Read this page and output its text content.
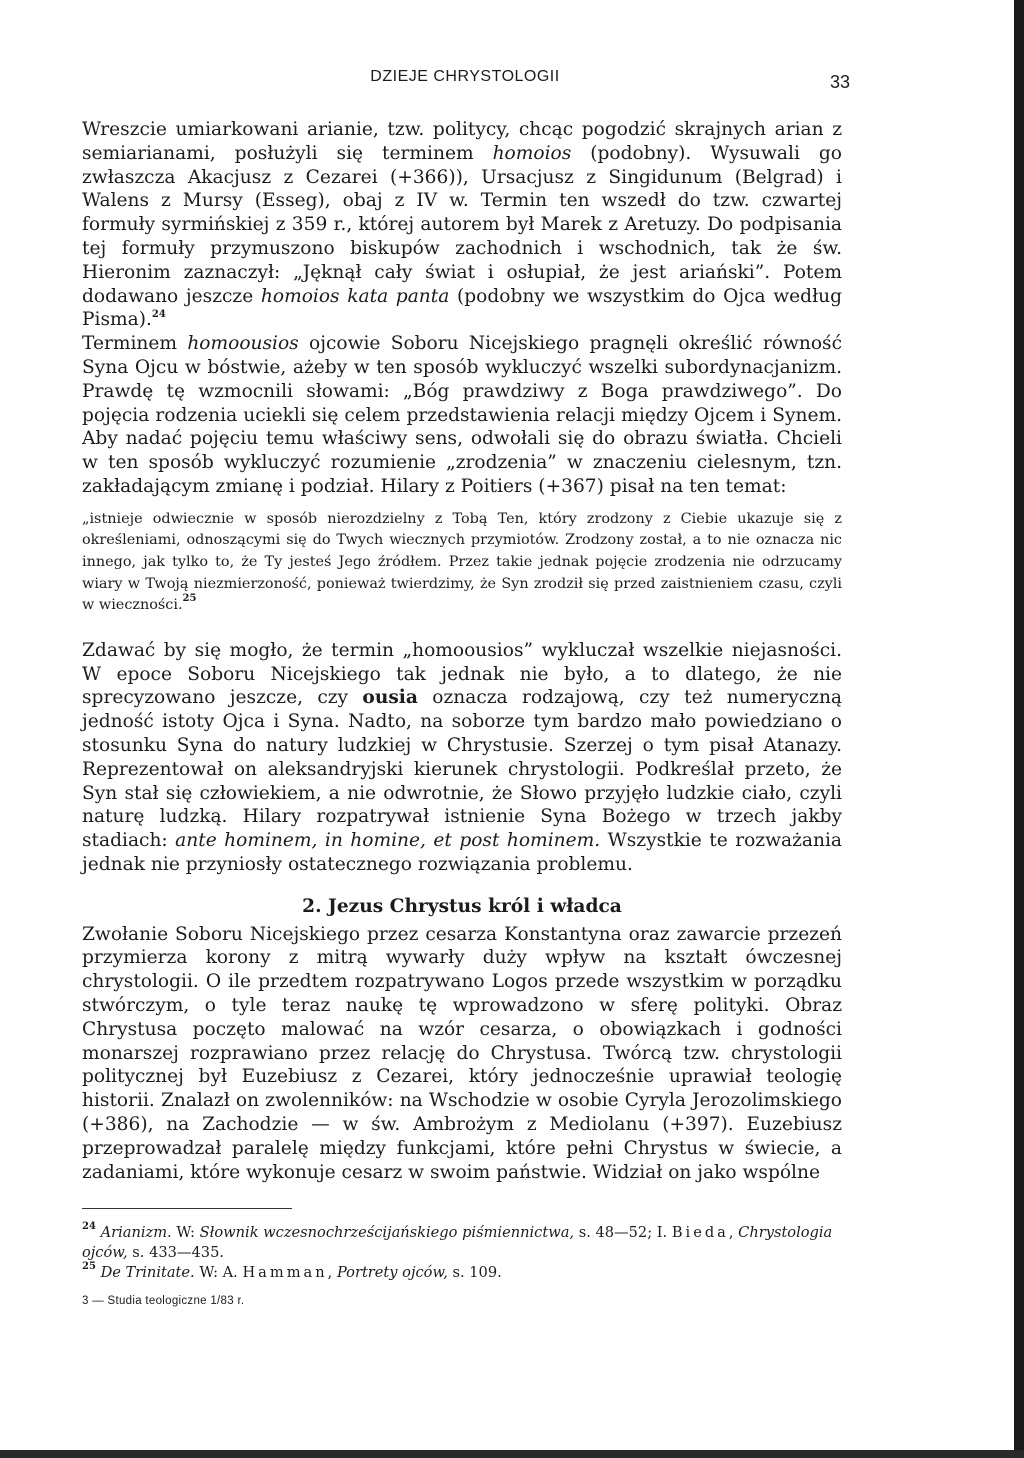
DZIEJE CHRYSTOLOGII	33

Wreszcie umiarkowani arianie, tzw. politycy, chcąc pogodzić skrajnych arian z semiarianami, posłużyli się terminem homoios (podobny). Wysuwali go zwłaszcza Akacjusz z Cezarei (+366)), Ursacjusz z Singidunum (Belgrad) i Walens z Mursy (Esseg), obaj z IV w. Termin ten wszedł do tzw. czwartej formuły syrmińskiej z 359 r., której autorem był Marek z Aretuzy. Do podpisania tej formuły przymuszono biskupów zachodnich i wschodnich, tak że św. Hieronim zaznaczył: „Jęknął cały świat i osłupiał, że jest ariański”. Potem dodawano jeszcze homoios kata panta (podobny we wszystkim do Ojca według Pisma).$^{24}$

Terminem homoousios ojcowie Soboru Nicejskiego pragnęli określić równość Syna Ojcu w bóstwie, ażeby w ten sposób wykluczyć wszelki subordynacjanizm. Prawdę tę wzmocnili słowami: „Bóg prawdziwy z Boga prawdziwego”. Do pojęcia rodzenia uciekli się celem przedstawienia relacji między Ojcem i Synem. Aby nadać pojęciu temu właściwy sens, odwołali się do obrazu światła. Chcieli w ten sposób wykluczyć rozumienie „zrodzenia” w znaczeniu cielesnym, tzn. zakładającym zmianę i podział. Hilary z Poitiers (+367) pisał na ten temat:

„istnieje odwiecznie w sposób nierozdzielny z Tobą Ten, który zrodzony z Ciebie ukazuje się z określeniami, odnoszącymi się do Twych wiecznych przymiotów. Zrodzony został, a to nie oznacza nic innego, jak tylko to, że Ty jesteś Jego źródłem. Przez takie jednak pojęcie zrodzenia nie odrzucamy wiary w Twoją niezmierzoność, ponieważ twierdzimy, że Syn zrodził się przed zaistnieniem czasu, czyli w wieczności.$^{25}$

Zdawać by się mogło, że termin „homoousios” wykluczał wszelkie niejasności. W epoce Soboru Nicejskiego tak jednak nie było, a to dlatego, że nie sprecyzowano jeszcze, czy ousia oznacza rodzajową, czy też numeryczną jedność istoty Ojca i Syna. Nadto, na soborze tym bardzo mało powiedziano o stosunku Syna do natury ludzkiej w Chrystusie. Szerzej o tym pisał Atanazy. Reprezentował on aleksandryjski kierunek chrystologii. Podkreślał przeto, że Syn stał się człowiekiem, a nie odwrotnie, że Słowo przyjęło ludzkie ciało, czyli naturę ludzką. Hilary rozpatrywał istnienie Syna Bożego w trzech jakby stadiach: ante hominem, in homine, et post hominem. Wszystkie te rozważania jednak nie przyniosły ostatecznego rozwiązania problemu.

2. Jezus Chrystus król i władca

Zwołanie Soboru Nicejskiego przez cesarza Konstantyna oraz zawarcie przezeń przymierza korony z mitrą wywarły duży wpływ na kształt ówczesnej chrystologii. O ile przedtem rozpatrywano Logos przede wszystkim w porządku stwórczym, o tyle teraz naukę tę wprowadzono w sferę polityki. Obraz Chrystusa poczęto malować na wzór cesarza, o obowiązkach i godności monarszej rozprawiano przez relację do Chrystusa. Twórcą tzw. chrystologii politycznej był Euzebiusz z Cezarei, który jednocześnie uprawiał teologię historii. Znalazł on zwolenników: na Wschodzie w osobie Cyryla Jerozolimskiego (+386), na Zachodzie — w św. Ambrożym z Mediolanu (+397). Euzebiusz przeprowadzał paralelę między funkcjami, które pełni Chrystus w świecie, a zadaniami, które wykonuje cesarz w swoim państwie. Widział on jako wspólne

$^{24}$ Arianizm. W: Słownik wczesnochrześcijańskiego piśmiennictwa, s. 48—52; I. Bieda, Chrystologia ojców, s. 433—435.

$^{25}$ De Trinitate. W: A. Hamman, Portrety ojców, s. 109.

3 — Studia teologiczne 1/83 r.
